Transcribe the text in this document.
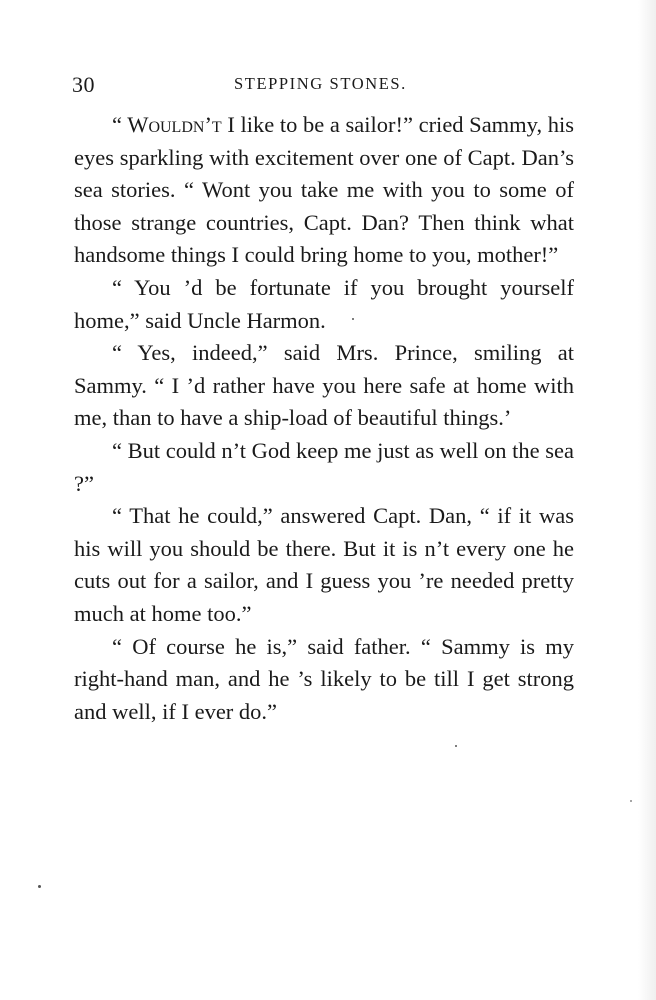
30	STEPPING STONES.

“ Wouldn’t I like to be a sailor!” cried Sammy, his eyes sparkling with excitement over one of Capt. Dan’s sea stories. “ Wont you take me with you to some of those strange countries, Capt. Dan? Then think what handsome things I could bring home to you, mother!”

“ You ’d be fortunate if you brought yourself home,” said Uncle Harmon.

“ Yes, indeed,” said Mrs. Prince, smiling at Sammy. “ I ’d rather have you here safe at home with me, than to have a ship-load of beautiful things.’

“ But could n’t God keep me just as well on the sea ?”

“ That he could,” answered Capt. Dan, “ if it was his will you should be there. But it is n’t every one he cuts out for a sailor, and I guess you ’re needed pretty much at home too.”

“ Of course he is,” said father. “ Sammy is my right-hand man, and he ’s likely to be till I get strong and well, if I ever do.”
